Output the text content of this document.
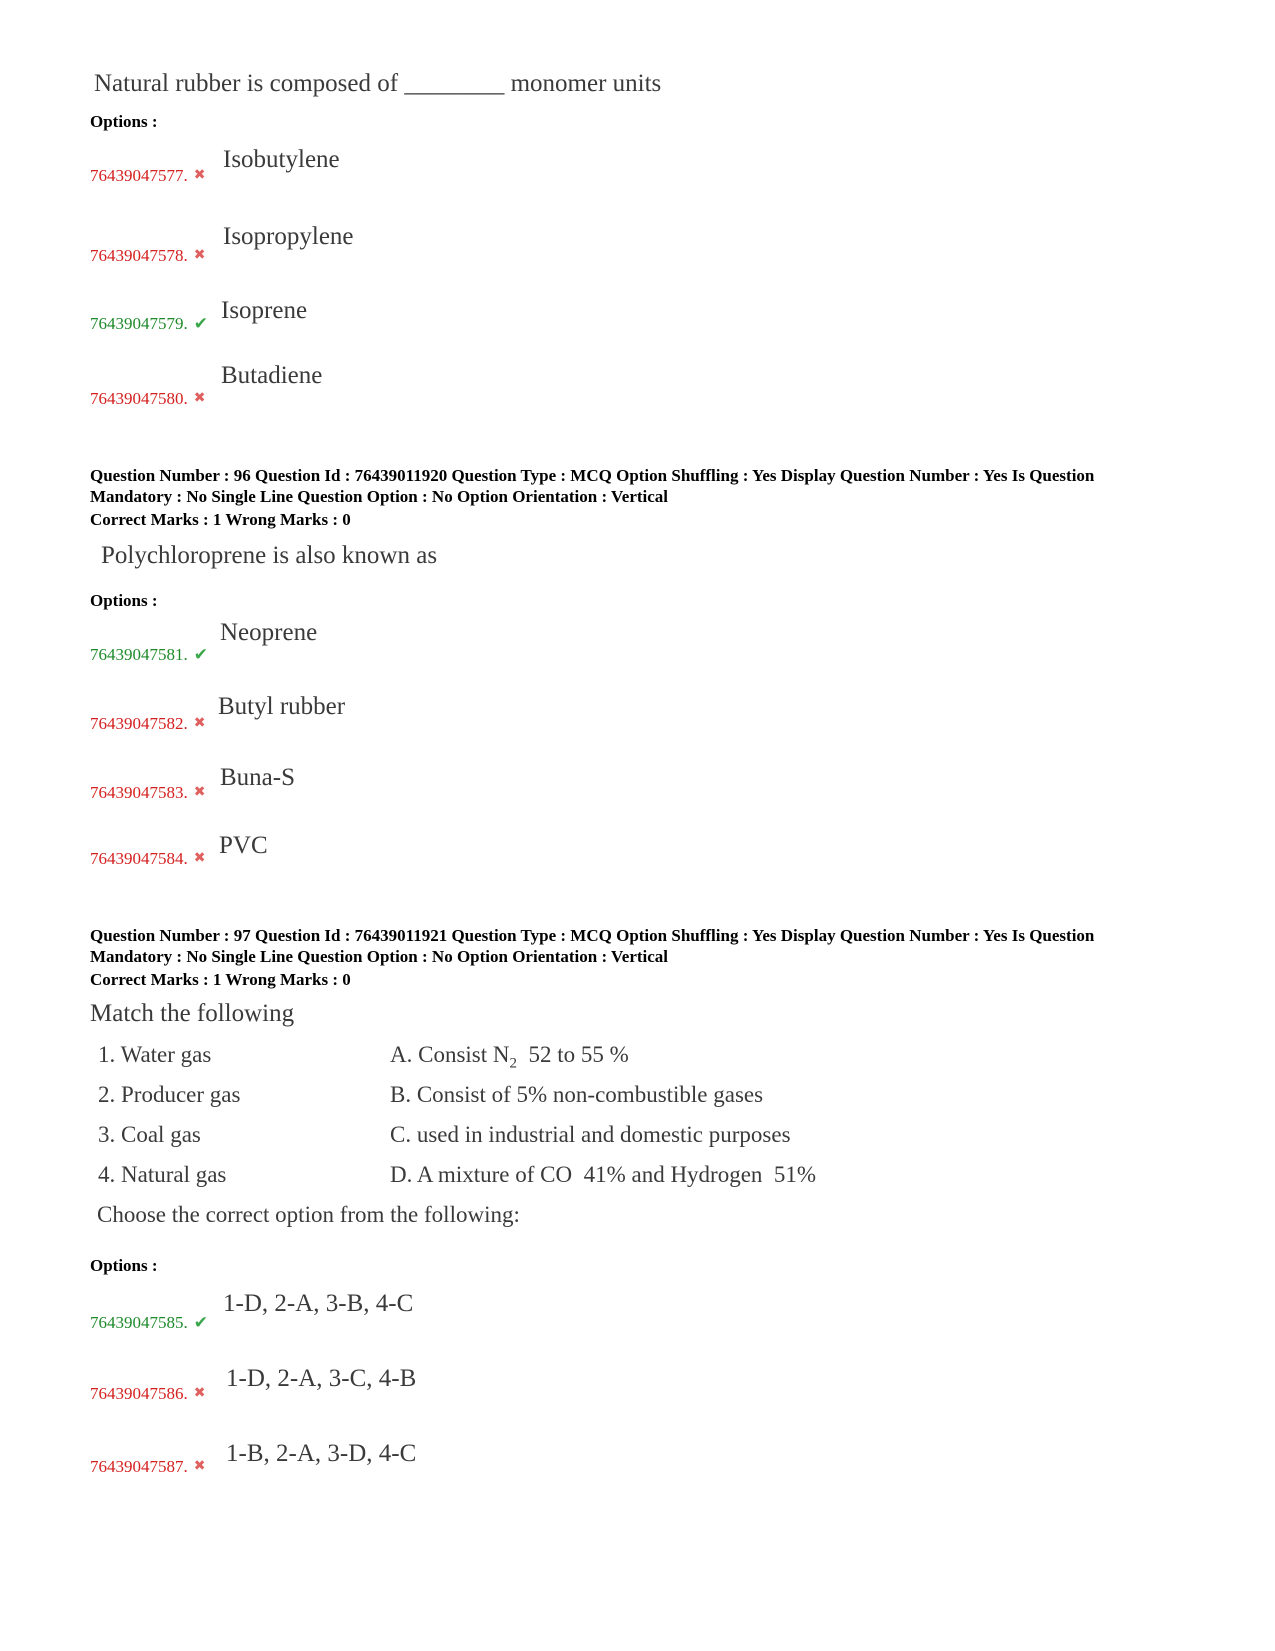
Natural rubber is composed of ________ monomer units
Options :
76439047577. ✖
Isobutylene
76439047578. ✖
Isopropylene
76439047579. ✔ Isoprene
76439047580. ✖
Butadiene
Question Number : 96 Question Id : 76439011920 Question Type : MCQ Option Shuffling : Yes Display Question Number : Yes Is Question Mandatory : No Single Line Question Option : No Option Orientation : Vertical
Correct Marks : 1 Wrong Marks : 0
Polychloroprene is also known as
Options :
76439047581. ✔
Neoprene
76439047582. ✖
Butyl rubber
76439047583. ✖
Buna-S
76439047584. ✖ PVC
Question Number : 97 Question Id : 76439011921 Question Type : MCQ Option Shuffling : Yes Display Question Number : Yes Is Question Mandatory : No Single Line Question Option : No Option Orientation : Vertical
Correct Marks : 1 Wrong Marks : 0
Match the following
1. Water gas
2. Producer gas
3. Coal gas
4. Natural gas
A. Consist $N_2$  52 to 55 %
B. Consist of 5% non-combustible gases
C. used in industrial and domestic purposes
D. A mixture of CO  41% and Hydrogen  51%
Choose the correct option from the following:
Options :
76439047585. ✔
1-D, 2-A, 3-B, 4-C
76439047586. ✖
1-D, 2-A, 3-C, 4-B
76439047587. ✖ 1-B, 2-A, 3-D, 4-C
